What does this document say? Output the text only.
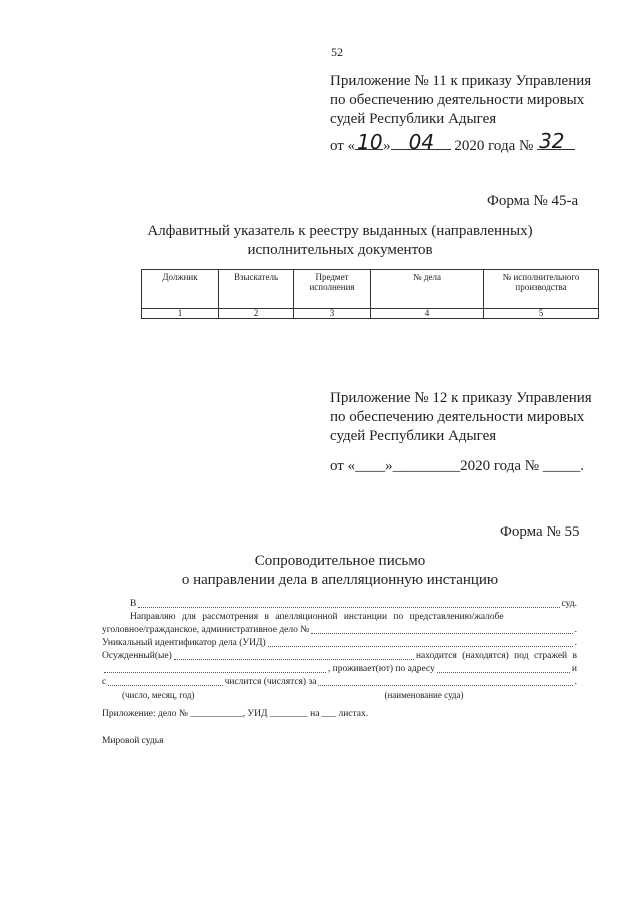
52
Приложение № 11 к приказу Управления
по обеспечению деятельности мировых
судей Республики Адыгея
от « 10 » 04 2020 года № 32
Форма № 45-а
Алфавитный указатель к реестру выданных (направленных)
исполнительных документов
Должник	Взыскатель	Предмет исполнения	№ дела	№ исполнительного производства
1	2	3	4	5
Приложение № 12 к приказу Управления
по обеспечению деятельности мировых
судей Республики Адыгея
от «____»_________2020 года № _____.
Форма № 55
Сопроводительное письмо
о направлении дела в апелляционную инстанцию
В	суд.
Направляю для рассмотрения в апелляционной инстанции по представлению/жалобе
уголовное/гражданское, административное дело №	.
Уникальный идентификатор дела (УИД)	.
Осужденный(ые)	находится (находятся) под стражей в
, проживает(ют) по адресу	и
с	числится (числятся) за	.
(число, месяц, год)	(наименование суда)
Приложение: дело № ___________, УИД ________ на ___ листах.
Мировой судья
